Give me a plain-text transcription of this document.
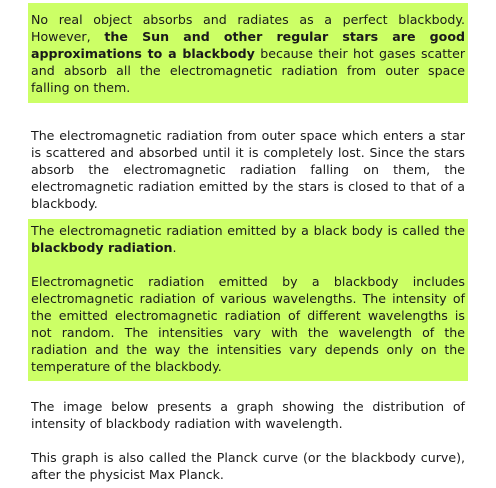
No real object absorbs and radiates as a perfect blackbody. However, the Sun and other regular stars are good approximations to a blackbody because their hot gases scatter and absorb all the electromagnetic radiation from outer space falling on them.

The electromagnetic radiation from outer space which enters a star is scattered and absorbed until it is completely lost. Since the stars absorb the electromagnetic radiation falling on them, the electromagnetic radiation emitted by the stars is closed to that of a blackbody.

The electromagnetic radiation emitted by a black body is called the blackbody radiation.

Electromagnetic radiation emitted by a blackbody includes electromagnetic radiation of various wavelengths. The intensity of the emitted electromagnetic radiation of different wavelengths is not random. The intensities vary with the wavelength of the radiation and the way the intensities vary depends only on the temperature of the blackbody.

The image below presents a graph showing the distribution of intensity of blackbody radiation with wavelength.

This graph is also called the Planck curve (or the blackbody curve), after the physicist Max Planck.
